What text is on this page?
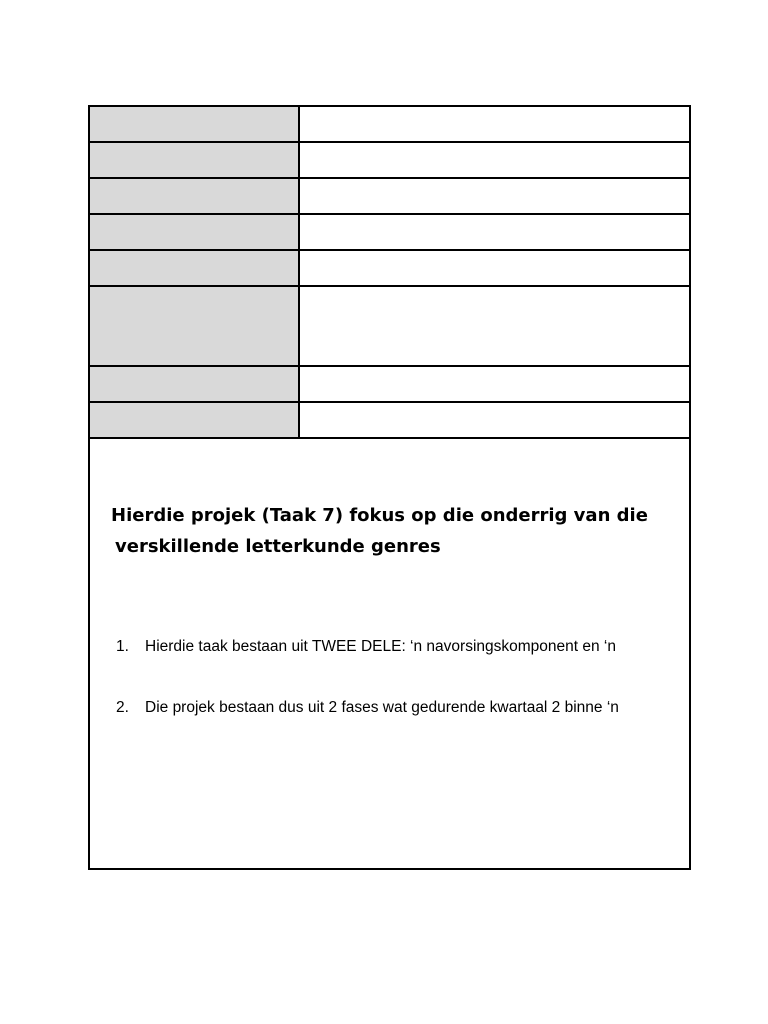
Hierdie projek (Taak 7) fokus op die onderrig van die
verskillende letterkunde genres

1. Hierdie taak bestaan uit TWEE DELE: ‘n navorsingskomponent en ‘n
2. Die projek bestaan dus uit 2 fases wat gedurende kwartaal 2 binne ‘n
